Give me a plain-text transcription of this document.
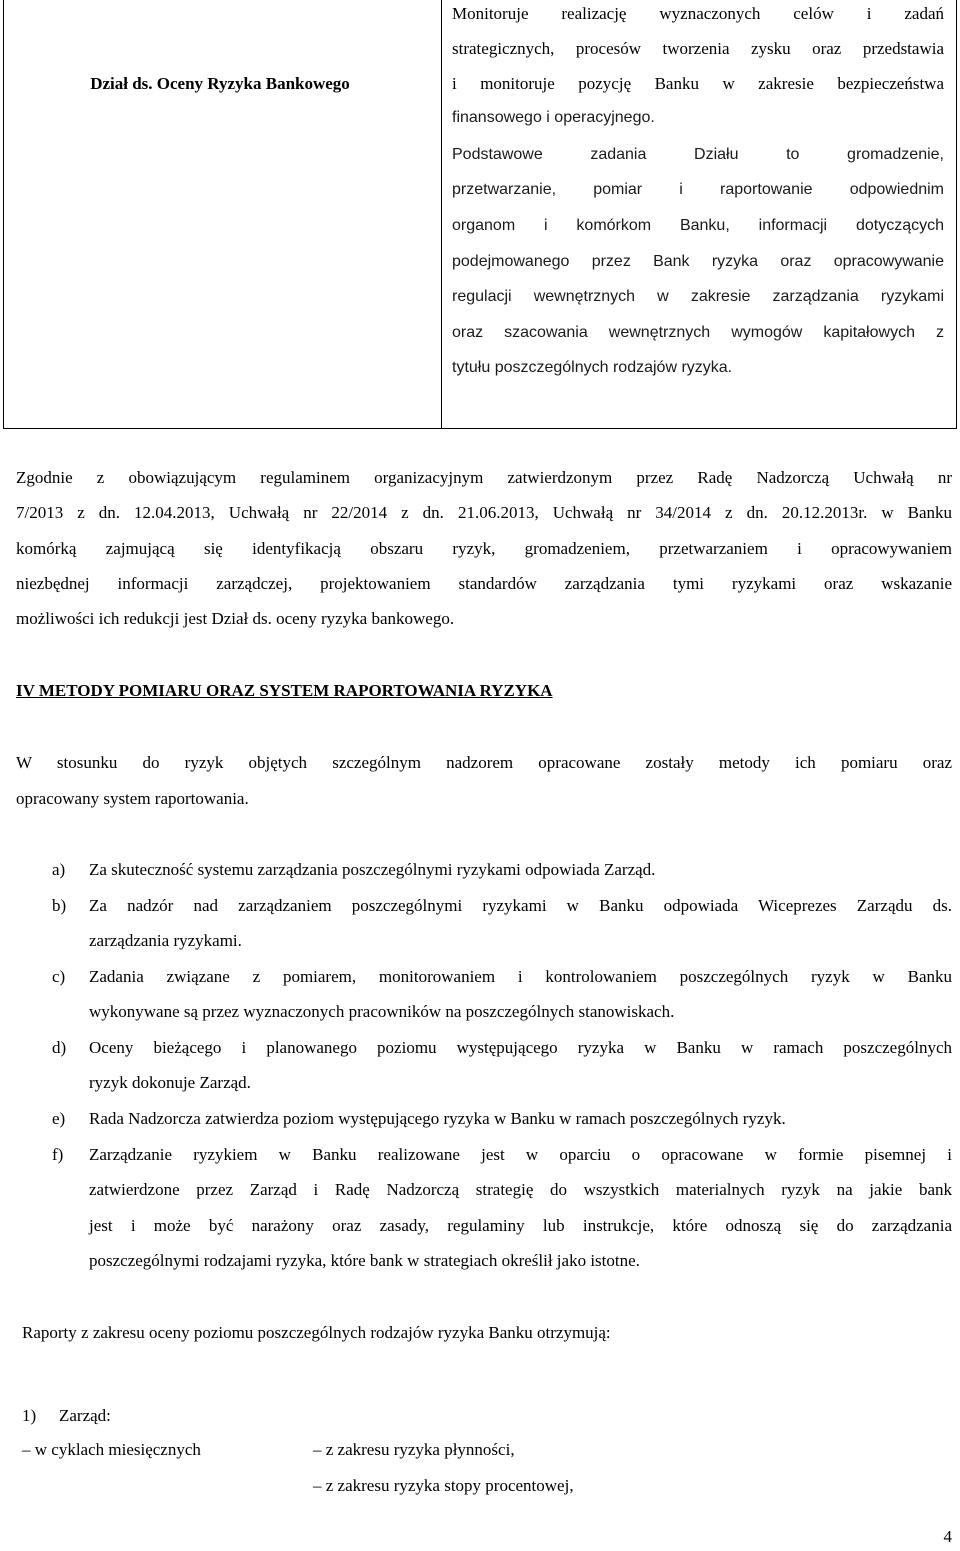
Dział ds. Oceny Ryzyka Bankowego
Monitoruje realizację wyznaczonych celów i zadań
strategicznych, procesów tworzenia zysku oraz przedstawia
i monitoruje pozycję Banku w zakresie bezpieczeństwa
finansowego i operacyjnego.
Podstawowe zadania Działu to gromadzenie,
przetwarzanie, pomiar i raportowanie odpowiednim
organom i komórkom Banku, informacji dotyczących
podejmowanego przez Bank ryzyka oraz opracowywanie
regulacji wewnętrznych w zakresie zarządzania ryzykami
oraz szacowania wewnętrznych wymogów kapitałowych z
tytułu poszczególnych rodzajów ryzyka.
Zgodnie z obowiązującym regulaminem organizacyjnym zatwierdzonym przez Radę Nadzorczą Uchwałą nr
7/2013 z dn. 12.04.2013, Uchwałą nr 22/2014 z dn. 21.06.2013, Uchwałą nr 34/2014 z dn. 20.12.2013r. w Banku
komórką zajmującą się identyfikacją obszaru ryzyk, gromadzeniem, przetwarzaniem i opracowywaniem
niezbędnej informacji zarządczej, projektowaniem standardów zarządzania tymi ryzykami oraz wskazanie
możliwości ich redukcji jest Dział ds. oceny ryzyka bankowego.
IV METODY POMIARU ORAZ SYSTEM RAPORTOWANIA RYZYKA
W stosunku do ryzyk objętych szczególnym nadzorem opracowane zostały metody ich pomiaru oraz
opracowany system raportowania.
a) Za skuteczność systemu zarządzania poszczególnymi ryzykami odpowiada Zarząd.
b) Za nadzór nad zarządzaniem poszczególnymi ryzykami w Banku odpowiada Wiceprezes Zarządu ds.
zarządzania ryzykami.
c) Zadania związane z pomiarem, monitorowaniem i kontrolowaniem poszczególnych ryzyk w Banku
wykonywane są przez wyznaczonych pracowników na poszczególnych stanowiskach.
d) Oceny bieżącego i planowanego poziomu występującego ryzyka w Banku w ramach poszczególnych
ryzyk dokonuje Zarząd.
e) Rada Nadzorcza zatwierdza poziom występującego ryzyka w Banku w ramach poszczególnych ryzyk.
f) Zarządzanie ryzykiem w Banku realizowane jest w oparciu o opracowane w formie pisemnej i
zatwierdzone przez Zarząd i Radę Nadzorczą strategię do wszystkich materialnych ryzyk na jakie bank
jest i może być narażony oraz zasady, regulaminy lub instrukcje, które odnoszą się do zarządzania
poszczególnymi rodzajami ryzyka, które bank w strategiach określił jako istotne.
Raporty z zakresu oceny poziomu poszczególnych rodzajów ryzyka Banku otrzymują:
1) Zarząd:
– w cyklach miesięcznych	– z zakresu ryzyka płynności,
– z zakresu ryzyka stopy procentowej,
4
